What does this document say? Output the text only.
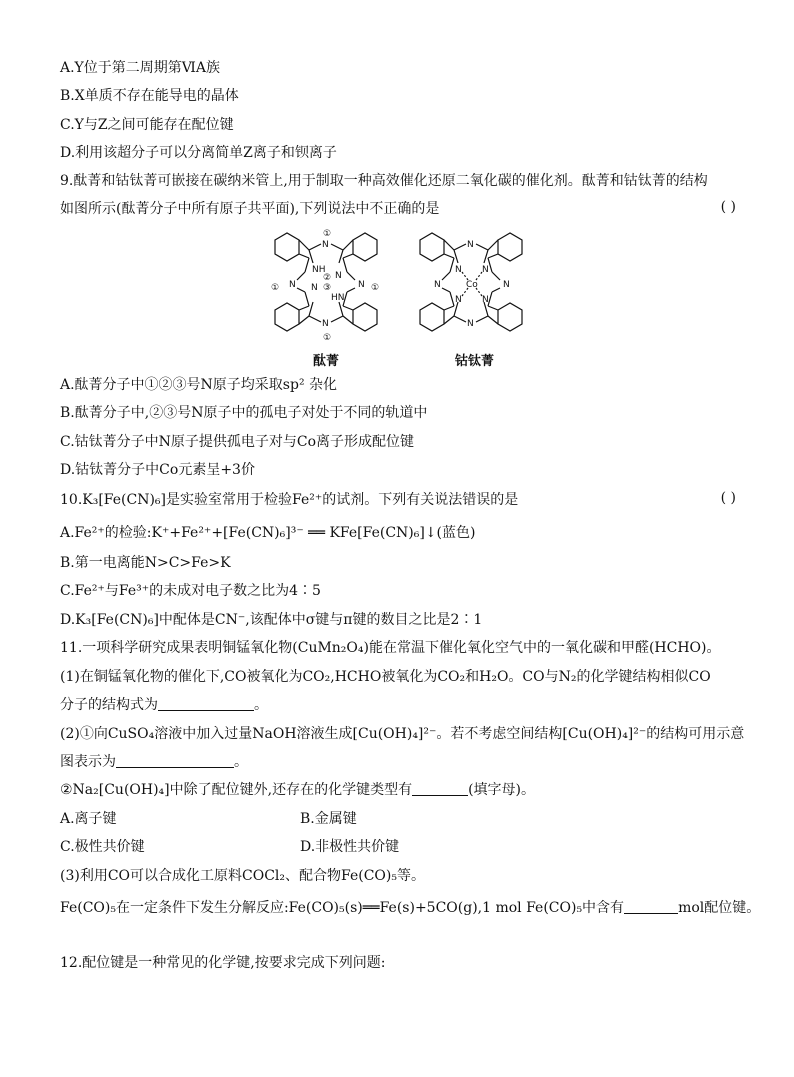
A.Y位于第二周期第ⅥA族
B.X单质不存在能导电的晶体
C.Y与Z之间可能存在配位键
D.利用该超分子可以分离简单Z离子和钡离子
9.酞菁和钴钛菁可嵌接在碳纳米管上,用于制取一种高效催化还原二氧化碳的催化剂。酞菁和钴钛菁的结构
如图所示(酞菁分子中所有原子共平面),下列说法中不正确的是	( )
N
N
N	N
NH
HN
N
N
①
①
①	①
②
③
酞菁
N
N
N	N
N N
N N
Co
钴钛菁
A.酞菁分子中①②③号N原子均采取sp² 杂化
B.酞菁分子中,②③号N原子中的孤电子对处于不同的轨道中
C.钴钛菁分子中N原子提供孤电子对与Co离子形成配位键
D.钴钛菁分子中Co元素呈+3价
10.K₃[Fe(CN)₆]是实验室常用于检验Fe²⁺的试剂。下列有关说法错误的是	( )
A.Fe²⁺的检验:K⁺+Fe²⁺+[Fe(CN)₆]³⁻ ══ KFe[Fe(CN)₆]↓(蓝色)
B.第一电离能N>C>Fe>K
C.Fe²⁺与Fe³⁺的未成对电子数之比为4∶5
D.K₃[Fe(CN)₆]中配体是CN⁻,该配体中σ键与π键的数目之比是2∶1
11.一项科学研究成果表明铜锰氧化物(CuMn₂O₄)能在常温下催化氧化空气中的一氧化碳和甲醛(HCHO)。
(1)在铜锰氧化物的催化下,CO被氧化为CO₂,HCHO被氧化为CO₂和H₂O。CO与N₂的化学键结构相似CO
分子的结构式为	。
(2)①向CuSO₄溶液中加入过量NaOH溶液生成[Cu(OH)₄]²⁻。若不考虑空间结构[Cu(OH)₄]²⁻的结构可用示意
图表示为	。
②Na₂[Cu(OH)₄]中除了配位键外,还存在的化学键类型有	(填字母)。
A.离子键	B.金属键
C.极性共价键	D.非极性共价键
(3)利用CO可以合成化工原料COCl₂、配合物Fe(CO)₅等。
Fe(CO)₅在一定条件下发生分解反应:Fe(CO)₅(s)══Fe(s)+5CO(g),1 mol Fe(CO)₅中含有	mol配位键。
12.配位键是一种常见的化学键,按要求完成下列问题:
